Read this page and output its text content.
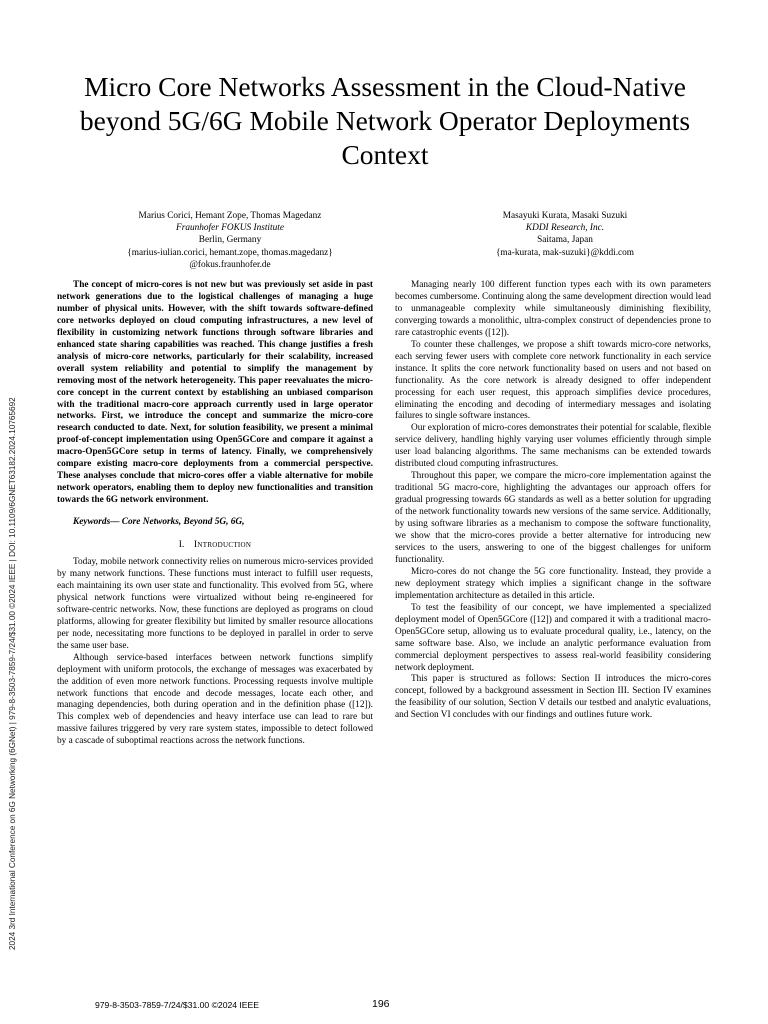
2024 3rd International Conference on 6G Networking (6GNet) | 979-8-3503-7859-7/24/$31.00 ©2024 IEEE | DOI: 10.1109/6GNET63182.2024.10765692
Micro Core Networks Assessment in the Cloud-Native beyond 5G/6G Mobile Network Operator Deployments Context
Marius Corici, Hemant Zope, Thomas Magedanz
Fraunhofer FOKUS Institute
Berlin, Germany
{marius-iulian.corici, hemant.zope, thomas.magedanz}
@fokus.fraunhofer.de
Masayuki Kurata, Masaki Suzuki
KDDI Research, Inc.
Saitama, Japan
{ma-kurata, mak-suzuki}@kddi.com

The concept of micro-cores is not new but was previously set aside in past network generations due to the logistical challenges of managing a huge number of physical units. However, with the shift towards software-defined core networks deployed on cloud computing infrastructures, a new level of flexibility in customizing network functions through software libraries and enhanced state sharing capabilities was reached. This change justifies a fresh analysis of micro-core networks, particularly for their scalability, increased overall system reliability and potential to simplify the management by removing most of the network heterogeneity. This paper reevaluates the micro-core concept in the current context by establishing an unbiased comparison with the traditional macro-core approach currently used in large operator networks. First, we introduce the concept and summarize the micro-core research conducted to date. Next, for solution feasibility, we present a minimal proof-of-concept implementation using Open5GCore and compare it against a macro-Open5GCore setup in terms of latency. Finally, we comprehensively compare existing macro-core deployments from a commercial perspective. These analyses conclude that micro-cores offer a viable alternative for mobile network operators, enabling them to deploy new functionalities and transition towards the 6G network environment.

Keywords— Core Networks, Beyond 5G, 6G,

I. Introduction

Today, mobile network connectivity relies on numerous micro-services provided by many network functions. These functions must interact to fulfill user requests, each maintaining its own user state and functionality. This evolved from 5G, where physical network functions were virtualized without being re-engineered for software-centric networks. Now, these functions are deployed as programs on cloud platforms, allowing for greater flexibility but limited by smaller resource allocations per node, necessitating more functions to be deployed in parallel in order to serve the same user base.

Although service-based interfaces between network functions simplify deployment with uniform protocols, the exchange of messages was exacerbated by the addition of even more network functions. Processing requests involve multiple network functions that encode and decode messages, locate each other, and managing dependencies, both during operation and in the definition phase ([12]). This complex web of dependencies and heavy interface use can lead to rare but massive failures triggered by very rare system states, impossible to detect followed by a cascade of suboptimal reactions across the network functions.

Managing nearly 100 different function types each with its own parameters becomes cumbersome. Continuing along the same development direction would lead to unmanageable complexity while simultaneously diminishing flexibility, converging towards a monolithic, ultra-complex construct of dependencies prone to rare catastrophic events ([12]).

To counter these challenges, we propose a shift towards micro-core networks, each serving fewer users with complete core network functionality in each service instance. It splits the core network functionality based on users and not based on functionality. As the core network is already designed to offer independent processing for each user request, this approach simplifies device procedures, eliminating the encoding and decoding of intermediary messages and isolating failures to single software instances.

Our exploration of micro-cores demonstrates their potential for scalable, flexible service delivery, handling highly varying user volumes efficiently through simple user load balancing algorithms. The same mechanisms can be extended towards distributed cloud computing infrastructures.

Throughout this paper, we compare the micro-core implementation against the traditional 5G macro-core, highlighting the advantages our approach offers for gradual progressing towards 6G standards as well as a better solution for upgrading of the network functionality towards new versions of the same service. Additionally, by using software libraries as a mechanism to compose the software functionality, we show that the micro-cores provide a better alternative for introducing new services to the users, answering to one of the biggest challenges for uniform functionality.

Micro-cores do not change the 5G core functionality. Instead, they provide a new deployment strategy which implies a significant change in the software implementation architecture as detailed in this article.

To test the feasibility of our concept, we have implemented a specialized deployment model of Open5GCore ([12]) and compared it with a traditional macro-Open5GCore setup, allowing us to evaluate procedural quality, i.e., latency, on the same software base. Also, we include an analytic performance evaluation from commercial deployment perspectives to assess real-world feasibility considering network deployment.

This paper is structured as follows: Section II introduces the micro-cores concept, followed by a background assessment in Section III. Section IV examines the feasibility of our solution, Section V details our testbed and analytic evaluations, and Section VI concludes with our findings and outlines future work.

979-8-3503-7859-7/24/$31.00 ©2024 IEEE	196
